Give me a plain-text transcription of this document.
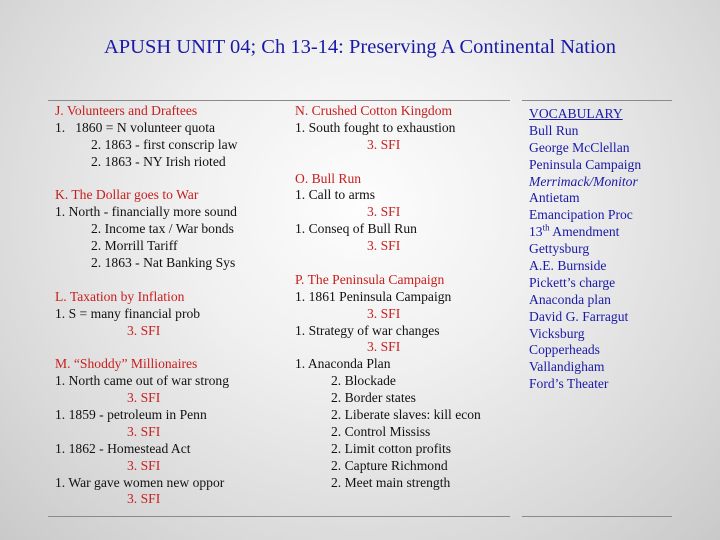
APUSH UNIT 04; Ch 13-14: Preserving A Continental Nation
J. Volunteers and Draftees
1. 1860 = N volunteer quota
2. 1863 - first conscrip law
2. 1863 - NY Irish rioted
K. The Dollar goes to War
1. North - financially more sound
2. Income tax / War bonds
2. Morrill Tariff
2. 1863 - Nat Banking Sys
L. Taxation by Inflation
1. S = many financial prob
3. SFI
M. “Shoddy” Millionaires
1. North came out of war strong
3. SFI
1. 1859 - petroleum in Penn
3. SFI
1. 1862 - Homestead Act
3. SFI
1. War gave women new oppor
3. SFI
N. Crushed Cotton Kingdom
1. South fought to exhaustion
3. SFI
O. Bull Run
1. Call to arms
3. SFI
1. Conseq of Bull Run
3. SFI
P. The Peninsula Campaign
1. 1861 Peninsula Campaign
3. SFI
1. Strategy of war changes
3. SFI
1. Anaconda Plan
2. Blockade
2. Border states
2. Liberate slaves: kill econ
2. Control Mississ
2. Limit cotton profits
2. Capture Richmond
2. Meet main strength
VOCABULARY
Bull Run
George McClellan
Peninsula Campaign
Merrimack/Monitor
Antietam
Emancipation Proc
13th Amendment
Gettysburg
A.E. Burnside
Pickett’s charge
Anaconda plan
David G. Farragut
Vicksburg
Copperheads
Vallandigham
Ford’s Theater
